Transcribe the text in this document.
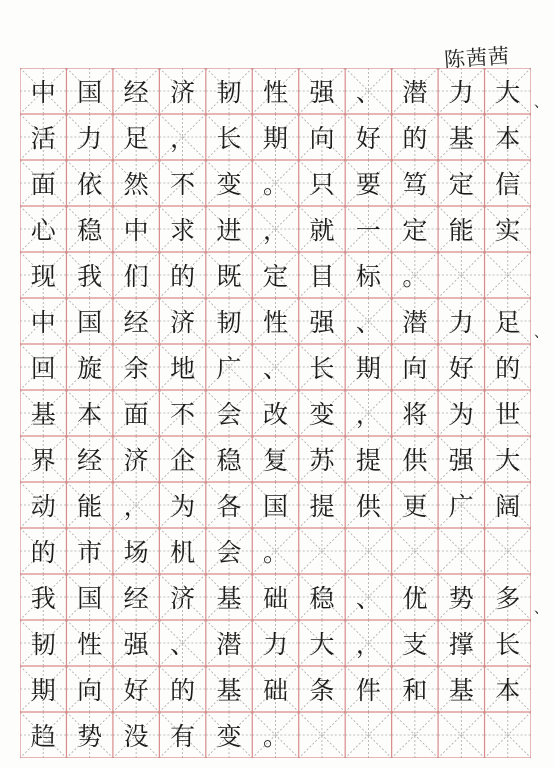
陈茜茜
中 国 经 济 韧 性 强 、 潜 力 大
活 力 足 ， 长 期 向 好 的 基 本
面 依 然 不 变 。 只 要 笃 定 信
心 稳 中 求 进 ， 就 一 定 能 实
现 我 们 的 既 定 目 标 。
中 国 经 济 韧 性 强 、 潜 力 足
回 旋 余 地 广 、 长 期 向 好 的
基 本 面 不 会 改 变 ， 将 为 世
界 经 济 企 稳 复 苏 提 供 强 大
动 能 ， 为 各 国 提 供 更 广 阔
的 市 场 机 会 。
我 国 经 济 基 础 稳 、 优 势 多
韧 性 强 、 潜 力 大 ， 支 撑 长
期 向 好 的 基 础 条 件 和 基 本
趋 势 没 有 变 。
、
、
、
